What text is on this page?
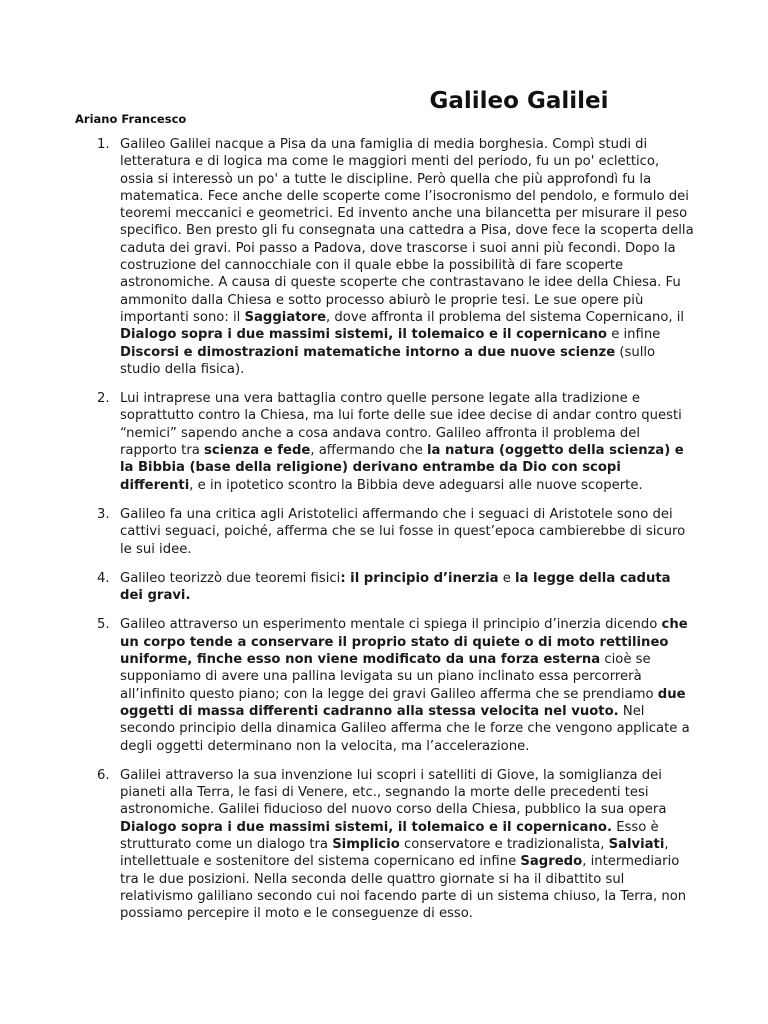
Galileo Galilei

Ariano Francesco

1. Galileo Galilei nacque a Pisa da una famiglia di media borghesia. Compì studi di letteratura e di logica ma come le maggiori menti del periodo, fu un po' eclettico, ossia si interessò un po' a tutte le discipline. Però quella che più approfondì fu la matematica. Fece anche delle scoperte come l’isocronismo del pendolo, e formulo dei teoremi meccanici e geometrici. Ed invento anche una bilancetta per misurare il peso specifico. Ben presto gli fu consegnata una cattedra a Pisa, dove fece la scoperta della caduta dei gravi. Poi passo a Padova, dove trascorse i suoi anni più fecondi. Dopo la costruzione del cannocchiale con il quale ebbe la possibilità di fare scoperte astronomiche. A causa di queste scoperte che contrastavano le idee della Chiesa. Fu ammonito dalla Chiesa e sotto processo abiurò le proprie tesi. Le sue opere più importanti sono: il Saggiatore, dove affronta il problema del sistema Copernicano, il Dialogo sopra i due massimi sistemi, il tolemaico e il copernicano e infine Discorsi e dimostrazioni matematiche intorno a due nuove scienze (sullo studio della fisica).
2. Lui intraprese una vera battaglia contro quelle persone legate alla tradizione e soprattutto contro la Chiesa, ma lui forte delle sue idee decise di andar contro questi “nemici” sapendo anche a cosa andava contro. Galileo affronta il problema del rapporto tra scienza e fede, affermando che la natura (oggetto della scienza) e la Bibbia (base della religione) derivano entrambe da Dio con scopi differenti, e in ipotetico scontro la Bibbia deve adeguarsi alle nuove scoperte.
3. Galileo fa una critica agli Aristotelici affermando che i seguaci di Aristotele sono dei cattivi seguaci, poiché, afferma che se lui fosse in quest’epoca cambierebbe di sicuro le sui idee.
4. Galileo teorizzò due teoremi fisici: il principio d’inerzia e la legge della caduta dei gravi.
5. Galileo attraverso un esperimento mentale ci spiega il principio d’inerzia dicendo che un corpo tende a conservare il proprio stato di quiete o di moto rettilineo uniforme, finche esso non viene modificato da una forza esterna cioè se supponiamo di avere una pallina levigata su un piano inclinato essa percorrerà all’infinito questo piano; con la legge dei gravi Galileo afferma che se prendiamo due oggetti di massa differenti cadranno alla stessa velocita nel vuoto. Nel secondo principio della dinamica Galileo afferma che le forze che vengono applicate a degli oggetti determinano non la velocita, ma l’accelerazione.
6. Galilei attraverso la sua invenzione lui scopri i satelliti di Giove, la somiglianza dei pianeti alla Terra, le fasi di Venere, etc., segnando la morte delle precedenti tesi astronomiche. Galilei fiducioso del nuovo corso della Chiesa, pubblico la sua opera Dialogo sopra i due massimi sistemi, il tolemaico e il copernicano. Esso è strutturato come un dialogo tra Simplicio conservatore e tradizionalista, Salviati, intellettuale e sostenitore del sistema copernicano ed infine Sagredo, intermediario tra le due posizioni. Nella seconda delle quattro giornate si ha il dibattito sul relativismo galiliano secondo cui noi facendo parte di un sistema chiuso, la Terra, non possiamo percepire il moto e le conseguenze di esso.
